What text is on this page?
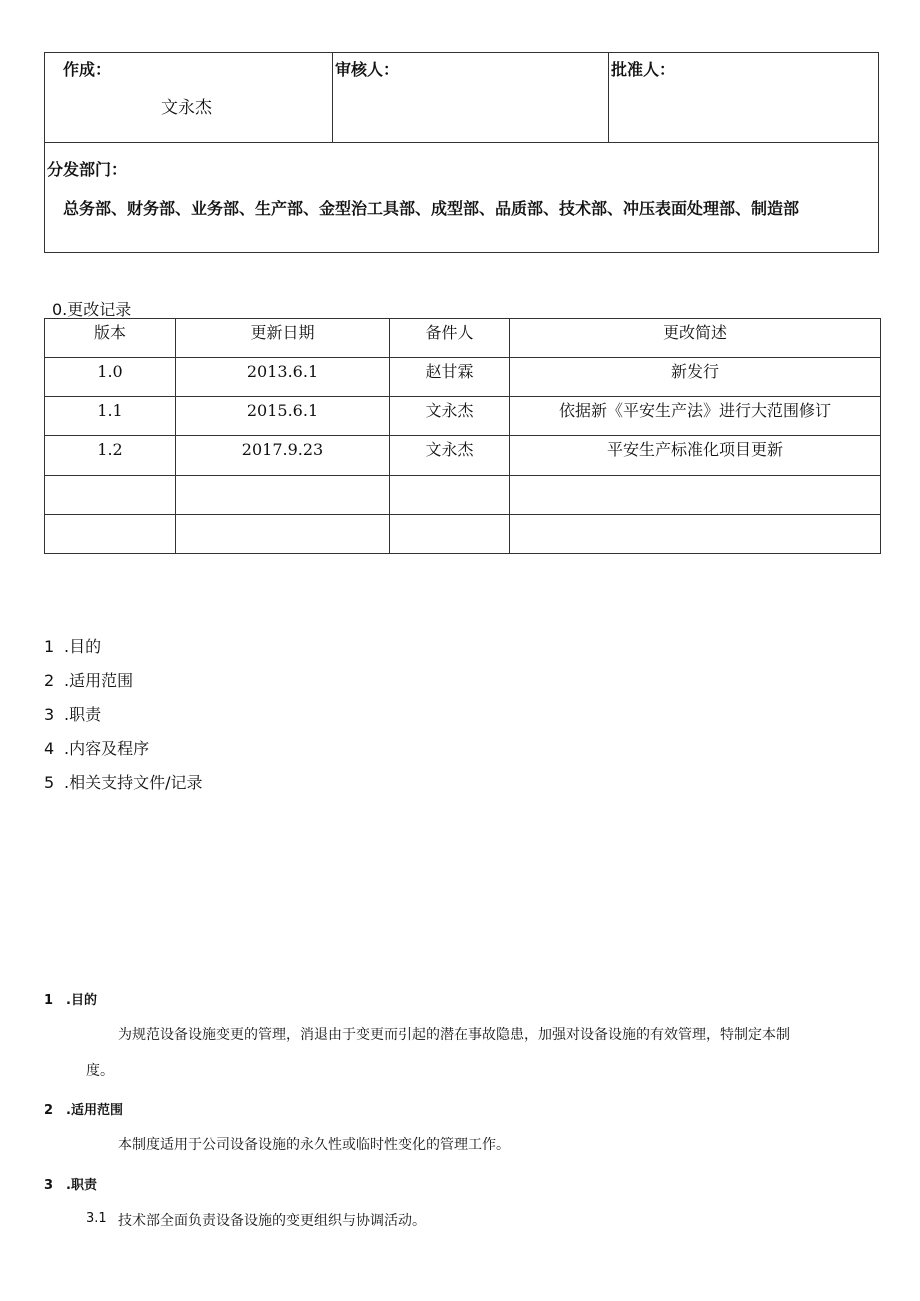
作成：
文永杰
审核人：	批准人：
分发部门：
总务部、财务部、业务部、生产部、金型治工具部、成型部、品质部、技术部、冲压表面处理部、制造部
0.更改记录
版本	更新日期	备件人	更改简述

1.0	2013.6.1	赵甘霖	新发行

1.1	2015.6.1	文永杰	依据新《平安生产法》进行大范围修订

1.2	2017.9.23	文永杰	平安生产标准化项目更新

1 .目的
2 .适用范围
3 .职责
4 .内容及程序
5 .相关支持文件/记录
1 .目的
为规范设备设施变更的管理，消退由于变更而引起的潜在事故隐患，加强对设备设施的有效管理，特制定本制
度。
2 .适用范围
本制度适用于公司设备设施的永久性或临时性变化的管理工作。
3 .职责
3.1 技术部全面负责设备设施的变更组织与协调活动。
